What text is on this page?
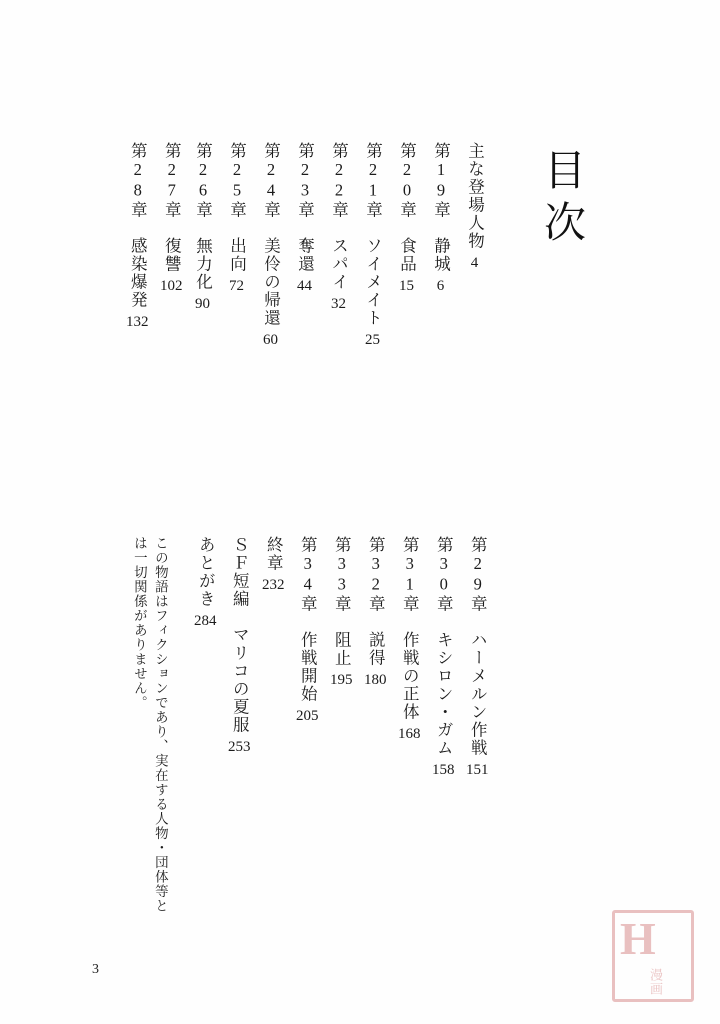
目次
主な登場人物4
第19章　静城6
第20章　食品15
第21章　ソイメイト25
第22章　スパイ32
第23章　奪還44
第24章　美伶の帰還60
第25章　出向72
第26章　無力化90
第27章　復讐102
第28章　感染爆発132
第29章　ハーメルン作戦151
第30章　キシロン・ガム158
第31章　作戦の正体168
第32章　説得180
第33章　阻止195
第34章　作戦開始205
終章232
ＳＦ短編　マリコの夏服253
あとがき284
この物語はフィクションであり、実在する人物・団体等とは一切関係がありません。
3
H
漫画
